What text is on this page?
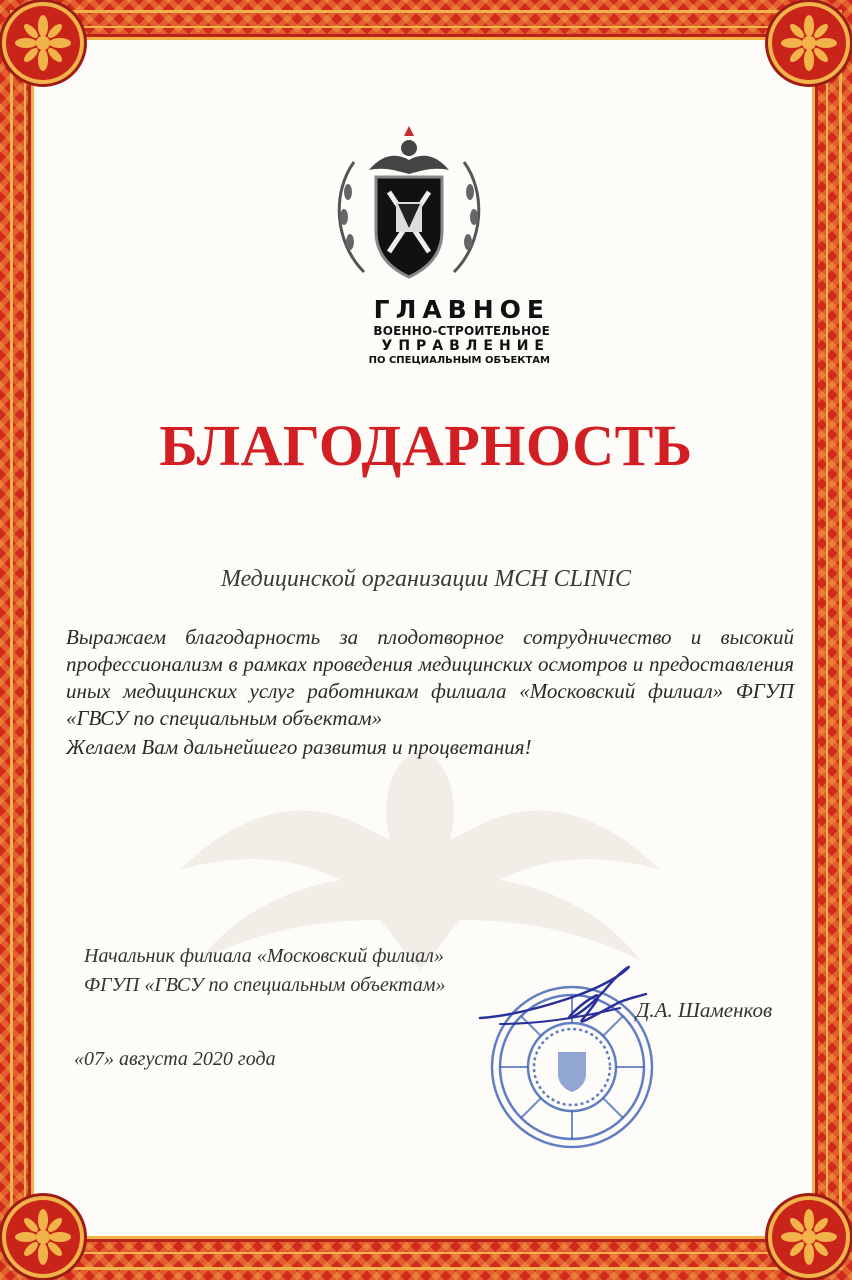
ГЛАВНОЕ
ВОЕННО-СТРОИТЕЛЬНОЕ
УПРАВЛЕНИЕ
ПО СПЕЦИАЛЬНЫМ ОБЪЕКТАМ
БЛАГОДАРНОСТЬ
Медицинской организации MCH CLINIC

Выражаем благодарность за плодотворное сотрудничество и высокий профессионализм в рамках проведения медицинских осмотров и предоставления иных медицинских услуг работникам филиала «Московский филиал» ФГУП «ГВСУ по специальным объектам»

Желаем Вам дальнейшего развития и процветания!

Начальник филиала «Московский филиал»
ФГУП «ГВСУ по специальным объектам»
Д.А. Шаменков
«07» августа 2020 года
